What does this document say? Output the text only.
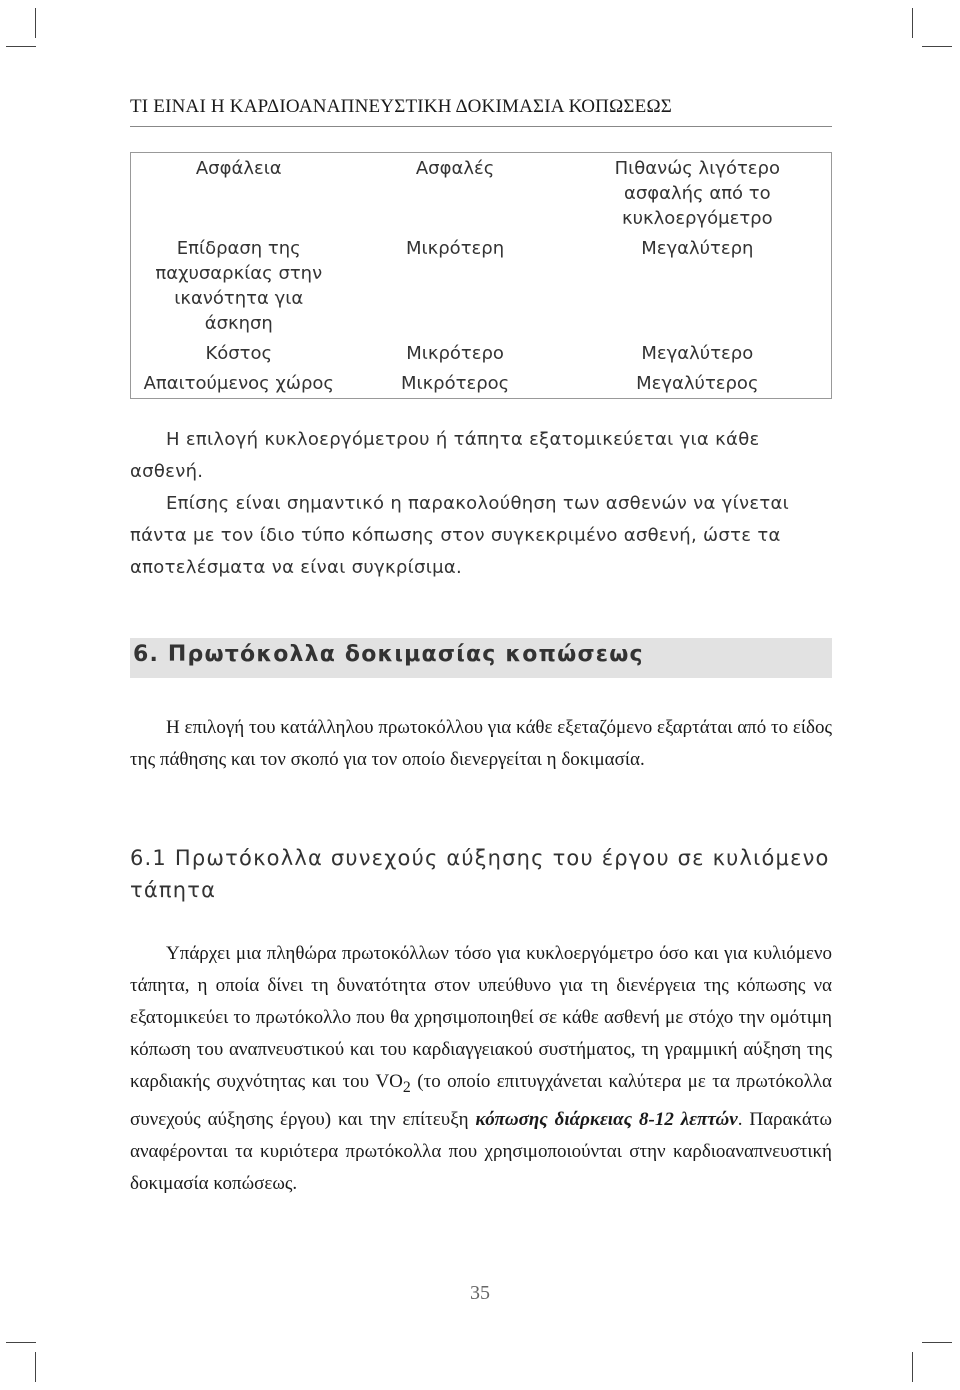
ΤΙ ΕΙΝΑΙ Η ΚΑΡΔΙΟΑΝΑΠΝΕΥΣΤΙΚΗ ΔΟΚΙΜΑΣΙΑ ΚΟΠΩΣΕΩΣ
Ασφάλεια	Ασφαλές	Πιθανώς λιγότερο ασφαλής από το κυκλοεργόμετρο
Επίδραση της παχυσαρκίας στην ικανότητα για άσκηση	Μικρότερη	Μεγαλύτερη
Κόστος	Μικρότερο	Μεγαλύτερο
Απαιτούμενος χώρος	Μικρότερος	Μεγαλύτερος
Η επιλογή κυκλοεργόμετρου ή τάπητα εξατομικεύεται για κάθε ασθενή.
Επίσης είναι σημαντικό η παρακολούθηση των ασθενών να γίνεται πάντα με τον ίδιο τύπο κόπωσης στον συγκεκριμένο ασθενή, ώστε τα αποτελέσματα να είναι συγκρίσιμα.
6. Πρωτόκολλα δοκιμασίας κοπώσεως
Η επιλογή του κατάλληλου πρωτοκόλλου για κάθε εξεταζόμενο εξαρτάται από το είδος της πάθησης και τον σκοπό για τον οποίο διενεργείται η δοκιμασία.
6.1 Πρωτόκολλα συνεχούς αύξησης του έργου σε κυλιόμενο τάπητα
Υπάρχει μια πληθώρα πρωτοκόλλων τόσο για κυκλοεργόμετρο όσο και για κυλιόμενο τάπητα, η οποία δίνει τη δυνατότητα στον υπεύθυνο για τη διενέργεια της κόπωσης να εξατομικεύει το πρωτόκολλο που θα χρησιμοποιηθεί σε κάθε ασθενή με στόχο την ομότιμη κόπωση του αναπνευστικού και του καρδιαγγειακού συστήματος, τη γραμμική αύξηση της καρδιακής συχνότητας και του $VO_2$ (το οποίο επιτυγχάνεται καλύτερα με τα πρωτόκολλα συνεχούς αύξησης έργου) και την επίτευξη κόπωσης διάρκειας 8-12 λεπτών. Παρακάτω αναφέρονται τα κυριότερα πρωτόκολλα που χρησιμοποιούνται στην καρδιοαναπνευστική δοκιμασία κοπώσεως.
35
